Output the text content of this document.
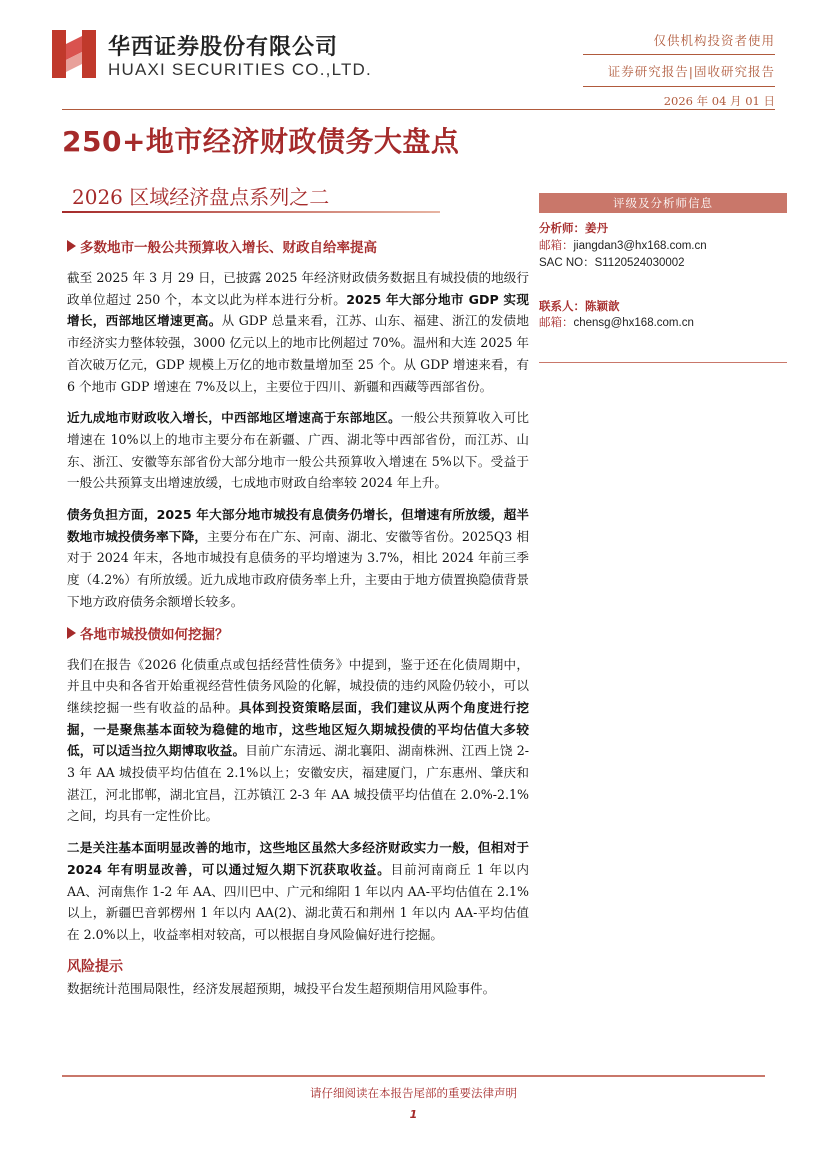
华西证券股份有限公司
HUAXI SECURITIES CO.,LTD.
仅供机构投资者使用
证券研究报告|固收研究报告
2026 年 04 月 01 日
250+地市经济财政债务大盘点
2026 区域经济盘点系列之二
多数地市一般公共预算收入增长、财政自给率提高

截至 2025 年 3 月 29 日，已披露 2025 年经济财政债务数据且有城投债的地级行政单位超过 250 个，本文以此为样本进行分析。2025 年大部分地市 GDP 实现增长，西部地区增速更高。从 GDP 总量来看，江苏、山东、福建、浙江的发债地市经济实力整体较强，3000 亿元以上的地市比例超过 70%。温州和大连 2025 年首次破万亿元，GDP 规模上万亿的地市数量增加至 25 个。从 GDP 增速来看，有 6 个地市 GDP 增速在 7%及以上，主要位于四川、新疆和西藏等西部省份。

近九成地市财政收入增长，中西部地区增速高于东部地区。一般公共预算收入可比增速在 10%以上的地市主要分布在新疆、广西、湖北等中西部省份，而江苏、山东、浙江、安徽等东部省份大部分地市一般公共预算收入增速在 5%以下。受益于一般公共预算支出增速放缓，七成地市财政自给率较 2024 年上升。

债务负担方面，2025 年大部分地市城投有息债务仍增长，但增速有所放缓，超半数地市城投债务率下降，主要分布在广东、河南、湖北、安徽等省份。2025Q3 相对于 2024 年末，各地市城投有息债务的平均增速为 3.7%，相比 2024 年前三季度（4.2%）有所放缓。近九成地市政府债务率上升，主要由于地方债置换隐债背景下地方政府债务余额增长较多。

各地市城投债如何挖掘？

我们在报告《2026 化债重点或包括经营性债务》中提到，鉴于还在化债周期中，并且中央和各省开始重视经营性债务风险的化解，城投债的违约风险仍较小，可以继续挖掘一些有收益的品种。具体到投资策略层面，我们建议从两个角度进行挖掘，一是聚焦基本面较为稳健的地市，这些地区短久期城投债的平均估值大多较低，可以适当拉久期博取收益。目前广东清远、湖北襄阳、湖南株洲、江西上饶 2-3 年 AA 城投债平均估值在 2.1%以上；安徽安庆，福建厦门，广东惠州、肇庆和湛江，河北邯郸，湖北宜昌，江苏镇江 2-3 年 AA 城投债平均估值在 2.0%-2.1%之间，均具有一定性价比。

二是关注基本面明显改善的地市，这些地区虽然大多经济财政实力一般，但相对于 2024 年有明显改善，可以通过短久期下沉获取收益。目前河南商丘 1 年以内 AA、河南焦作 1-2 年 AA、四川巴中、广元和绵阳 1 年以内 AA-平均估值在 2.1%以上，新疆巴音郭楞州 1 年以内 AA(2)、湖北黄石和荆州 1 年以内 AA-平均估值在 2.0%以上，收益率相对较高，可以根据自身风险偏好进行挖掘。

风险提示

数据统计范围局限性，经济发展超预期，城投平台发生超预期信用风险事件。

评级及分析师信息
分析师：姜丹
邮箱：jiangdan3@hx168.com.cn
SAC NO：S1120524030002
联系人：陈颖歆
邮箱：chensg@hx168.com.cn
请仔细阅读在本报告尾部的重要法律声明
1
